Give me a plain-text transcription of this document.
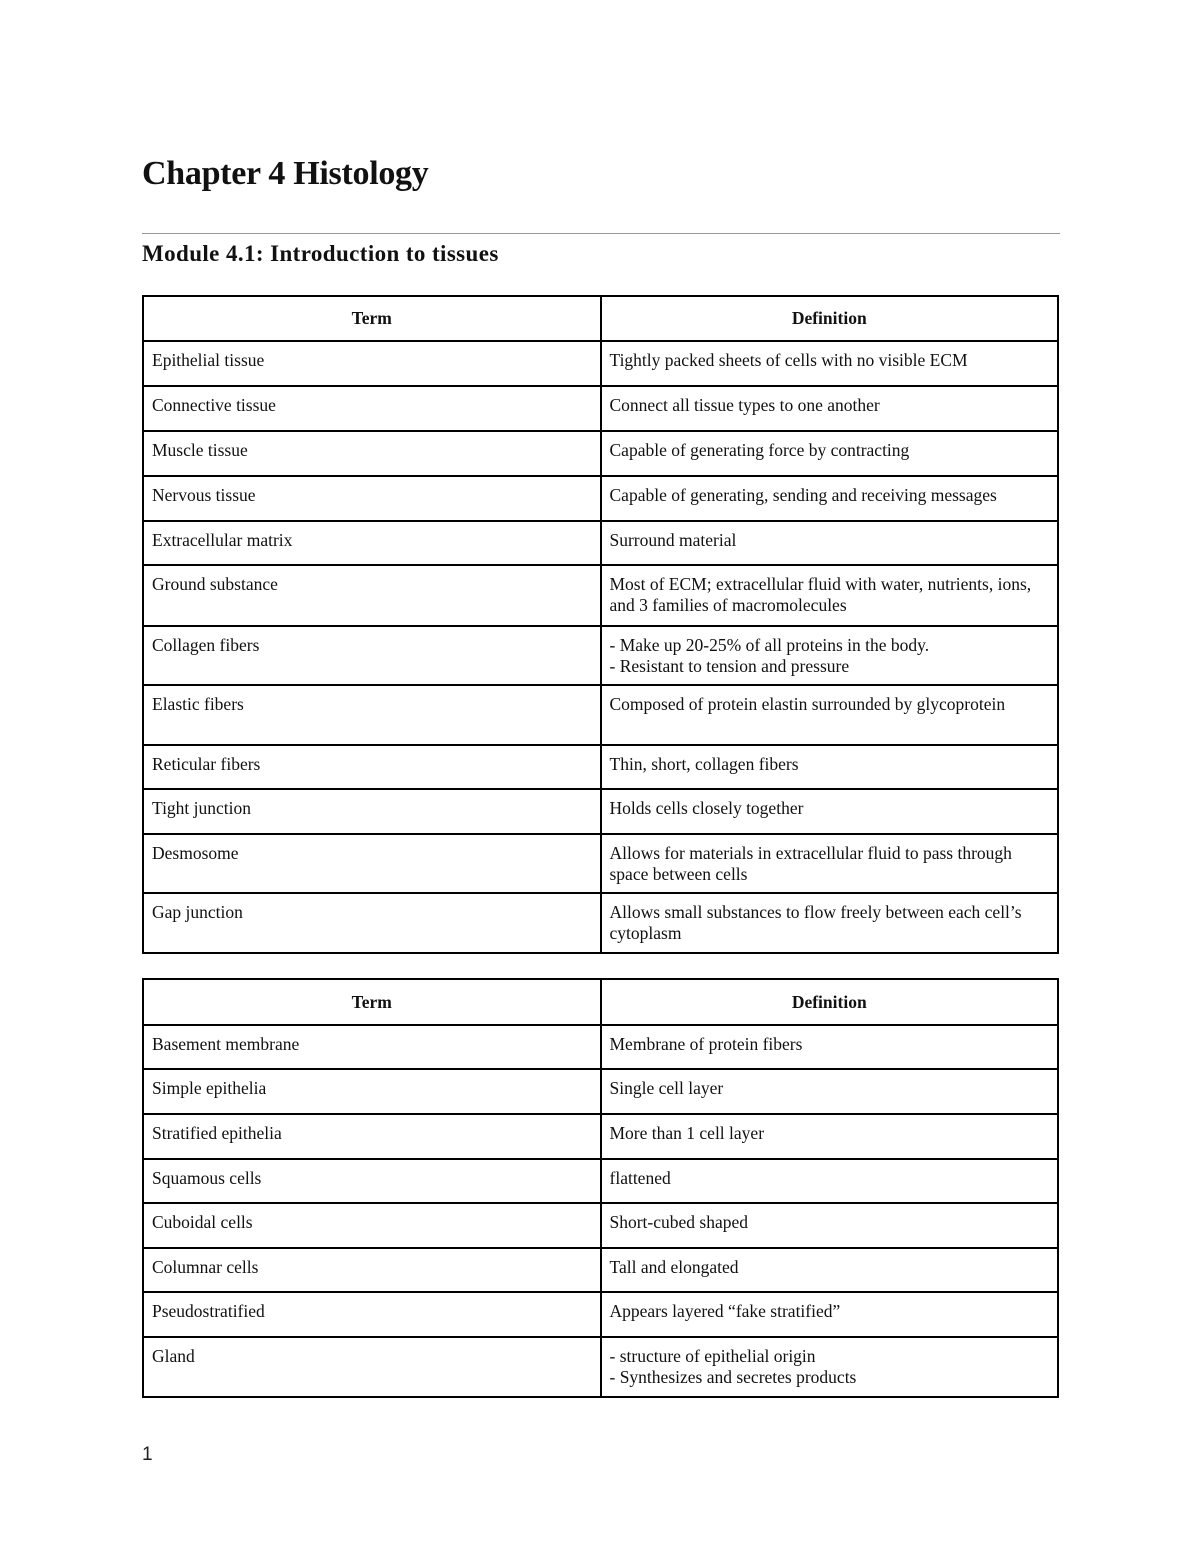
Chapter 4 Histology
Module 4.1: Introduction to tissues
Term	Definition
Epithelial tissue	Tightly packed sheets of cells with no visible ECM

Connective tissue	Connect all tissue types to one another

Muscle tissue	Capable of generating force by contracting

Nervous tissue	Capable of generating, sending and receiving messages

Extracellular matrix	Surround material

Ground substance	Most of ECM; extracellular fluid with water, nutrients, ions, and 3 families of macromolecules

Collagen fibers	- Make up 20-25% of all proteins in the body.
- Resistant to tension and pressure

Elastic fibers	Composed of protein elastin surrounded by glycoprotein

Reticular fibers	Thin, short, collagen fibers

Tight junction	Holds cells closely together

Desmosome	Allows for materials in extracellular fluid to pass through space between cells

Gap junction	Allows small substances to flow freely between each cell’s cytoplasm
Term	Definition
Basement membrane	Membrane of protein fibers

Simple epithelia	Single cell layer

Stratified epithelia	More than 1 cell layer

Squamous cells	flattened

Cuboidal cells	Short-cubed shaped

Columnar cells	Tall and elongated

Pseudostratified	Appears layered “fake stratified”

Gland	- structure of epithelial origin
- Synthesizes and secretes products
1
